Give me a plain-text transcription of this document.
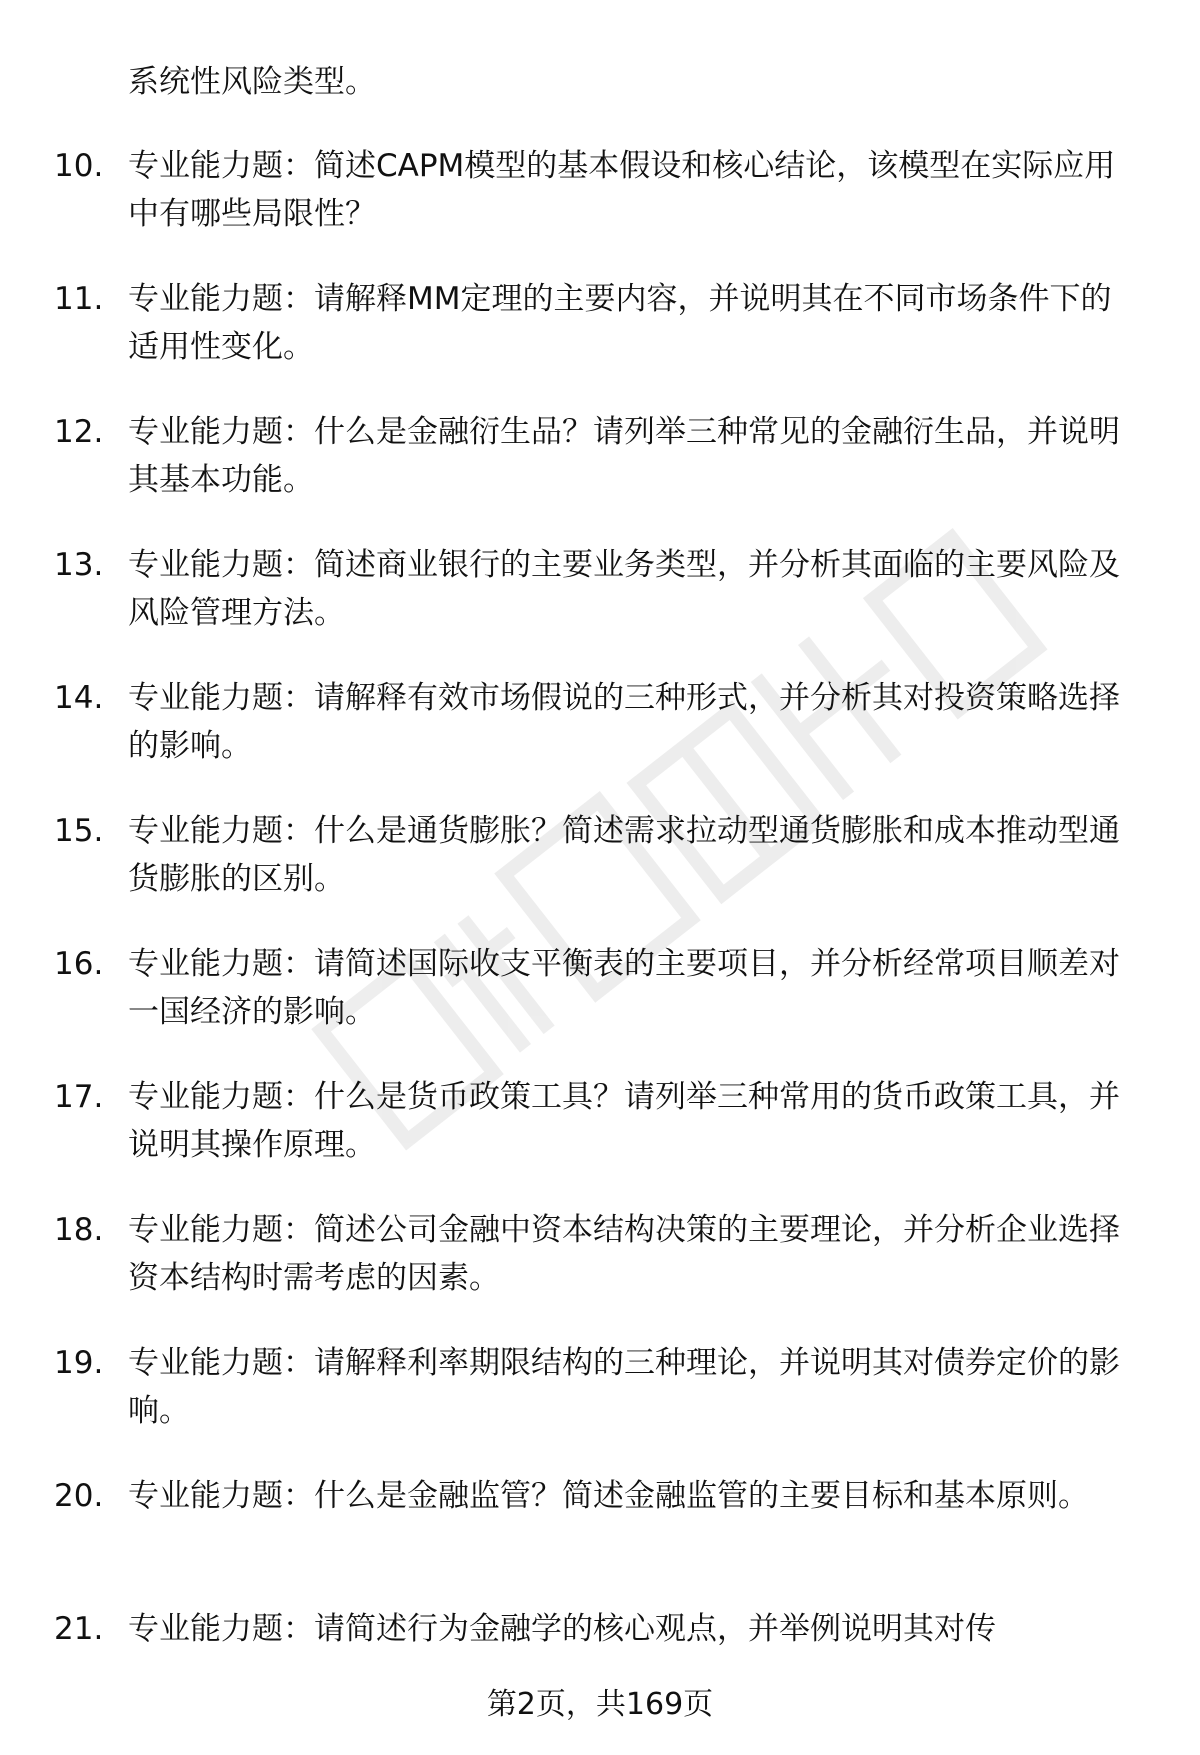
系统性风险类型。
10. 专业能力题：简述CAPM模型的基本假设和核心结论，该模型在实际应用中有哪些局限性？
11. 专业能力题：请解释MM定理的主要内容，并说明其在不同市场条件下的适用性变化。
12. 专业能力题：什么是金融衍生品？请列举三种常见的金融衍生品，并说明其基本功能。
13. 专业能力题：简述商业银行的主要业务类型，并分析其面临的主要风险及风险管理方法。
14. 专业能力题：请解释有效市场假说的三种形式，并分析其对投资策略选择的影响。
15. 专业能力题：什么是通货膨胀？简述需求拉动型通货膨胀和成本推动型通货膨胀的区别。
16. 专业能力题：请简述国际收支平衡表的主要项目，并分析经常项目顺差对一国经济的影响。
17. 专业能力题：什么是货币政策工具？请列举三种常用的货币政策工具，并说明其操作原理。
18. 专业能力题：简述公司金融中资本结构决策的主要理论，并分析企业选择资本结构时需考虑的因素。
19. 专业能力题：请解释利率期限结构的三种理论，并说明其对债券定价的影响。
20. 专业能力题：什么是金融监管？简述金融监管的主要目标和基本原则。
21. 专业能力题：请简述行为金融学的核心观点，并举例说明其对传
第2页，共169页
